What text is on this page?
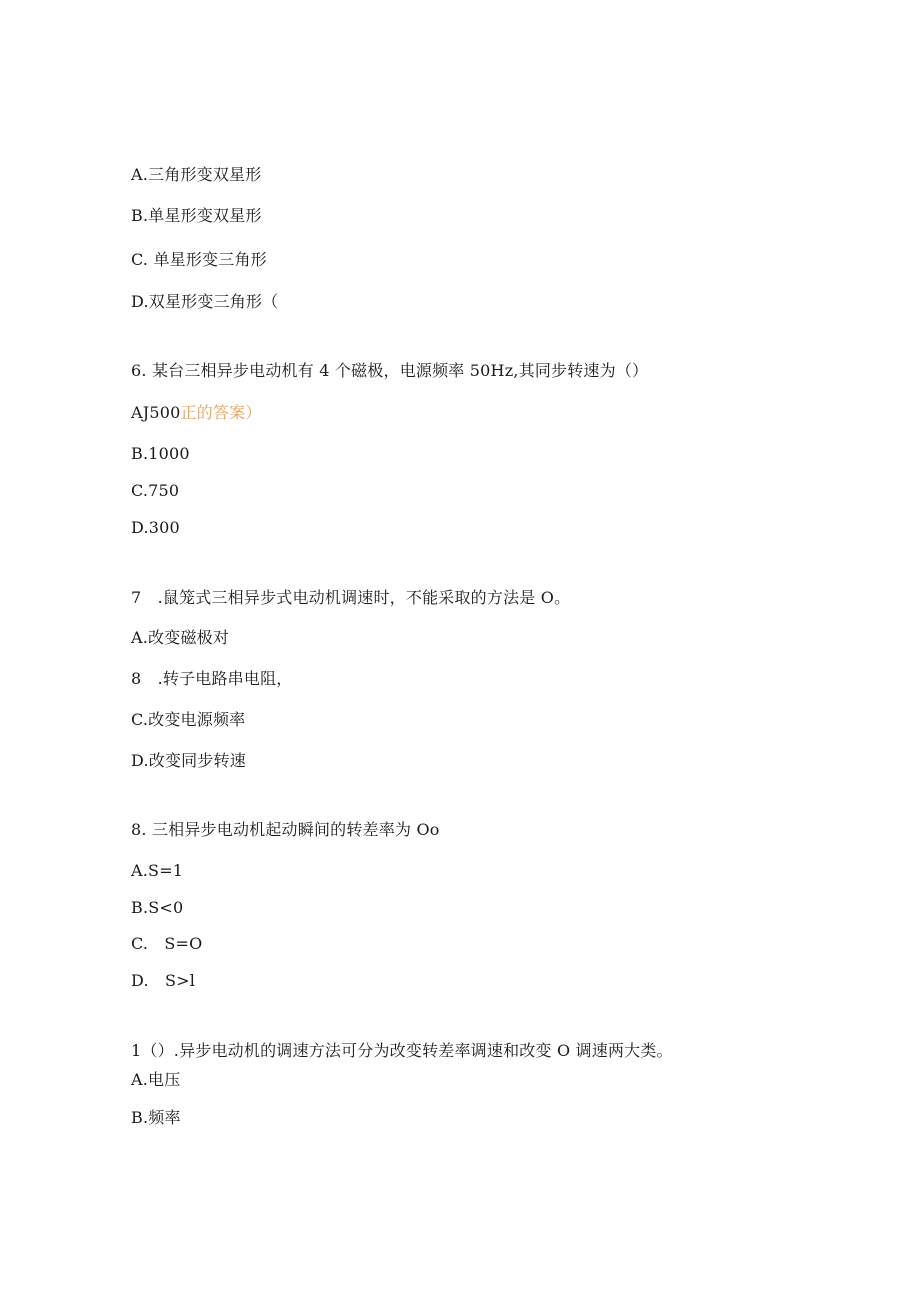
A.三角形变双星形
B.单星形变双星形
C. 单星形变三角形
D.双星形变三角形（
6. 某台三相异步电动机有 4 个磁极，电源频率 50Hz,其同步转速为（）
AJ500正的答案）
B.1000
C.750
D.300
7　.鼠笼式三相异步式电动机调速时，不能采取的方法是 O。
A.改变磁极对
8　.转子电路串电阻，
C.改变电源频率
D.改变同步转速
8. 三相异步电动机起动瞬间的转差率为 Oo
A.S=1
B.S<0
C.　S=O
D.　S>l
1（）.异步电动机的调速方法可分为改变转差率调速和改变 O 调速两大类。
A.电压
B.频率
